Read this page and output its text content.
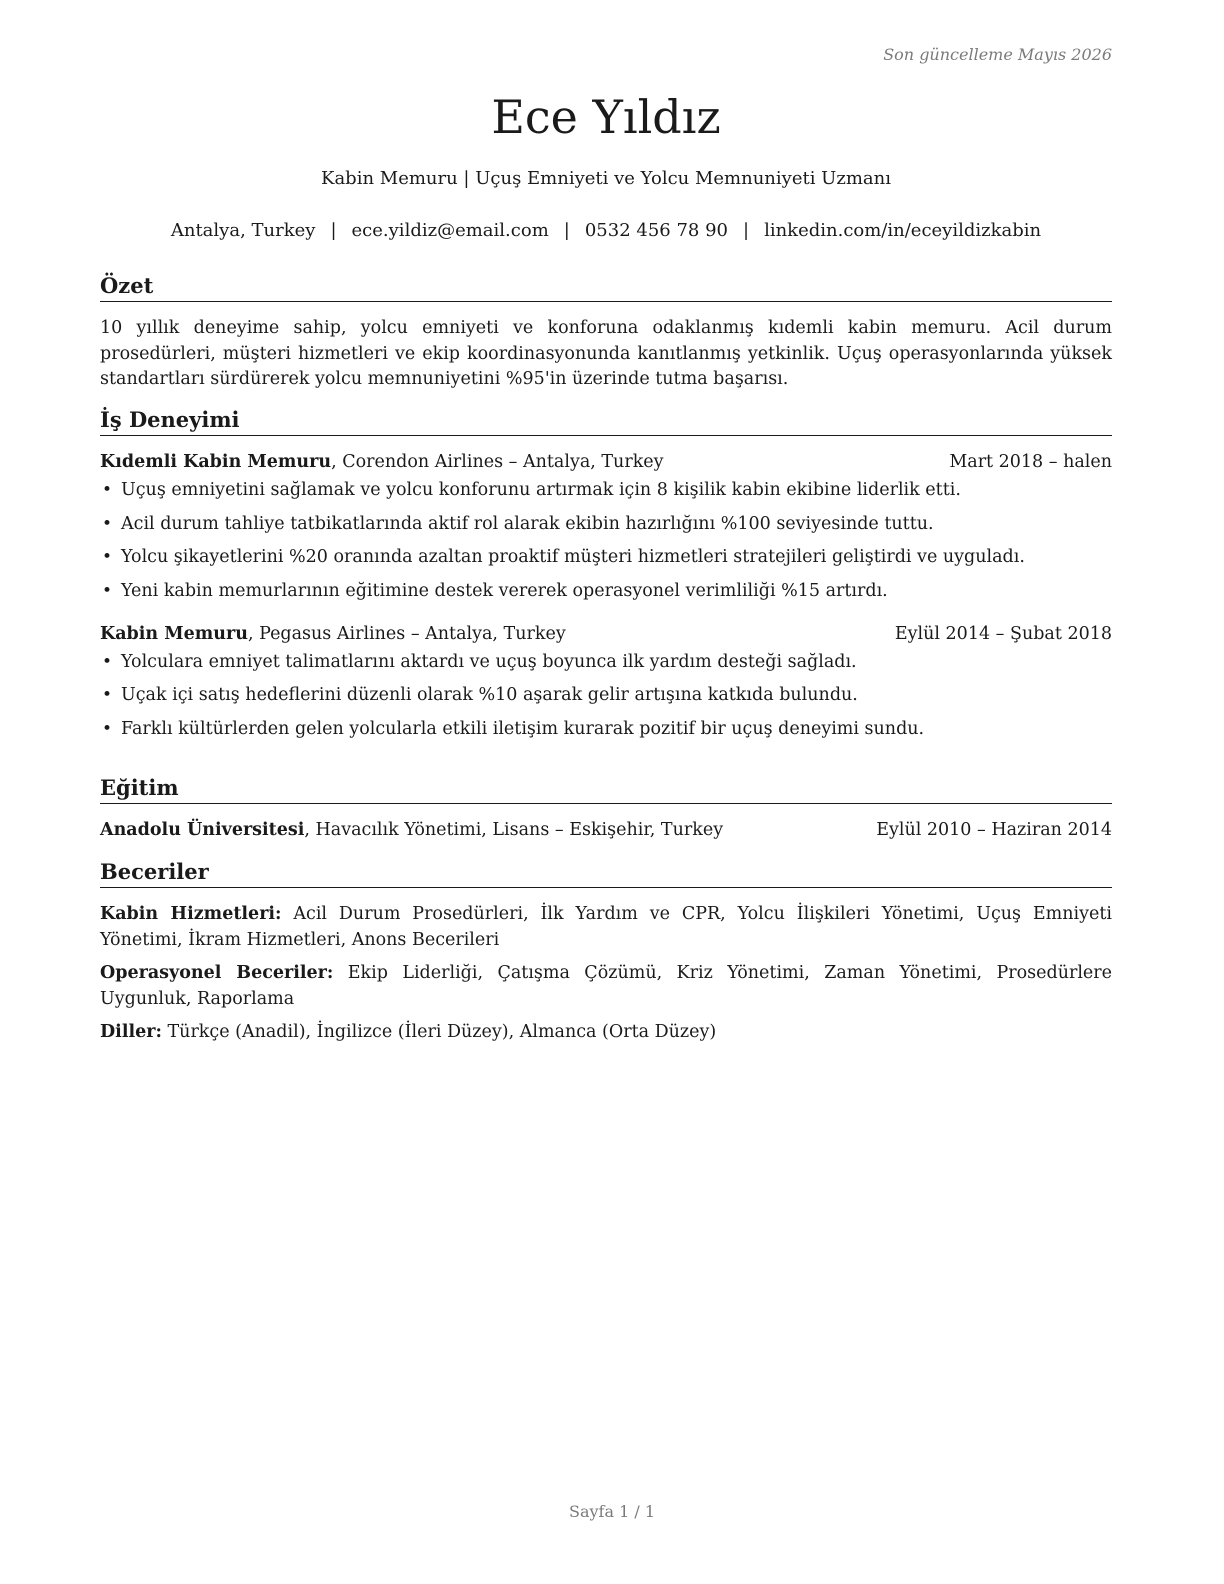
Son güncelleme Mayıs 2026
Ece Yıldız
Kabin Memuru | Uçuş Emniyeti ve Yolcu Memnuniyeti Uzmanı
Antalya, Turkey | ece.yildiz@email.com | 0532 456 78 90 | linkedin.com/in/eceyildizkabin
Özet

10 yıllık deneyime sahip, yolcu emniyeti ve konforuna odaklanmış kıdemli kabin memuru. Acil durum prosedürleri, müşteri hizmetleri ve ekip koordinasyonunda kanıtlanmış yetkinlik. Uçuş operasyonlarında yüksek standartları sürdürerek yolcu memnuniyetini %95'in üzerinde tutma başarısı.

İş Deneyimi
Kıdemli Kabin Memuru, Corendon Airlines – Antalya, Turkey	Mart 2018 – halen
• Uçuş emniyetini sağlamak ve yolcu konforunu artırmak için 8 kişilik kabin ekibine liderlik etti.
• Acil durum tahliye tatbikatlarında aktif rol alarak ekibin hazırlığını %100 seviyesinde tuttu.
• Yolcu şikayetlerini %20 oranında azaltan proaktif müşteri hizmetleri stratejileri geliştirdi ve uyguladı.
• Yeni kabin memurlarının eğitimine destek vererek operasyonel verimliliği %15 artırdı.
Kabin Memuru, Pegasus Airlines – Antalya, Turkey	Eylül 2014 – Şubat 2018
• Yolculara emniyet talimatlarını aktardı ve uçuş boyunca ilk yardım desteği sağladı.
• Uçak içi satış hedeflerini düzenli olarak %10 aşarak gelir artışına katkıda bulundu.
• Farklı kültürlerden gelen yolcularla etkili iletişim kurarak pozitif bir uçuş deneyimi sundu.
Eğitim
Anadolu Üniversitesi, Havacılık Yönetimi, Lisans – Eskişehir, Turkey	Eylül 2010 – Haziran 2014
Beceriler

Kabin Hizmetleri: Acil Durum Prosedürleri, İlk Yardım ve CPR, Yolcu İlişkileri Yönetimi, Uçuş Emniyeti Yönetimi, İkram Hizmetleri, Anons Becerileri

Operasyonel Beceriler: Ekip Liderliği, Çatışma Çözümü, Kriz Yönetimi, Zaman Yönetimi, Prosedürlere Uygunluk, Raporlama

Diller: Türkçe (Anadil), İngilizce (İleri Düzey), Almanca (Orta Düzey)

Sayfa 1 / 1
